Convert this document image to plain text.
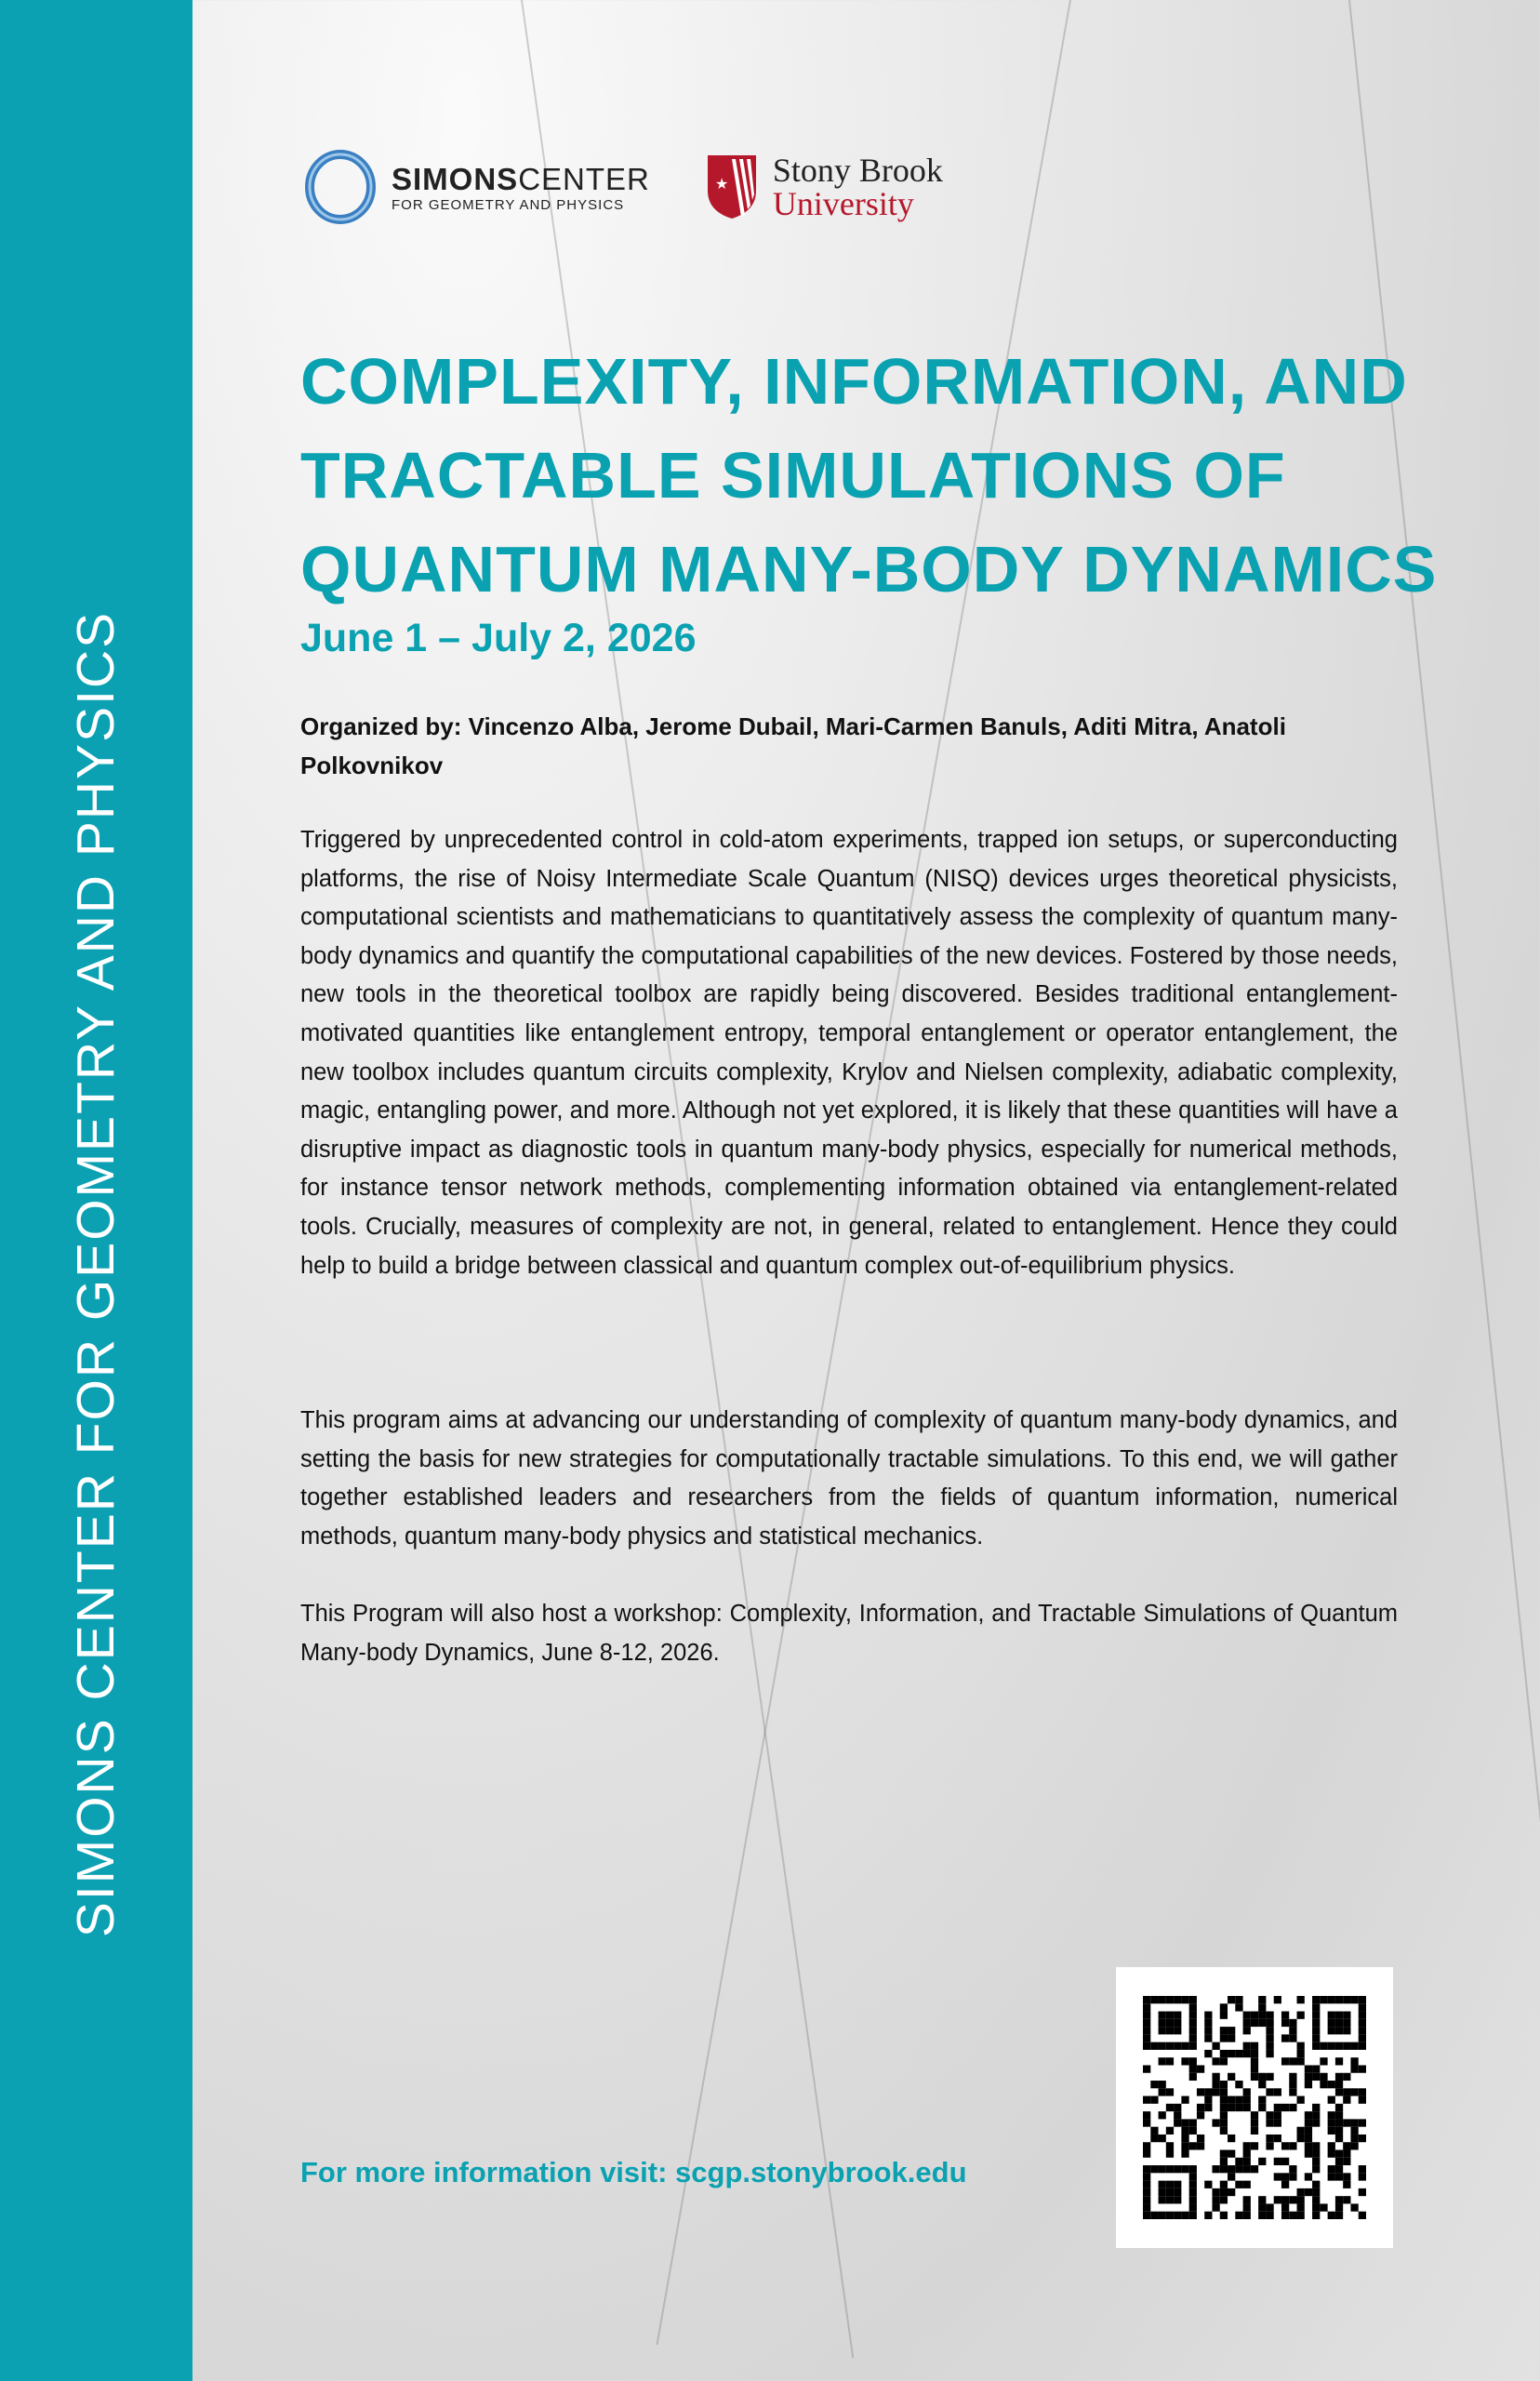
SIMONS CENTER FOR GEOMETRY AND PHYSICS
SIMONSCENTER
FOR GEOMETRY AND PHYSICS
★ Stony Brook
University
COMPLEXITY, INFORMATION, AND TRACTABLE SIMULATIONS OF QUANTUM MANY-BODY DYNAMICS
June 1 – July 2, 2026
Organized by: Vincenzo Alba, Jerome Dubail, Mari-Carmen Banuls, Aditi Mitra, Anatoli Polkovnikov

Triggered by unprecedented control in cold-atom experiments, trapped ion setups, or superconducting platforms, the rise of Noisy Intermediate Scale Quantum (NISQ) devices urges theoretical physicists, computational scientists and mathematicians to quantitatively assess the complexity of quantum many-body dynamics and quantify the computational capabilities of the new devices. Fostered by those needs, new tools in the theoretical toolbox are rapidly being discovered. Besides traditional entanglement-motivated quantities like entanglement entropy, temporal entanglement or operator entanglement, the new toolbox includes quantum circuits complexity, Krylov and Nielsen complexity, adiabatic complexity, magic, entangling power, and more. Although not yet explored, it is likely that these quantities will have a disruptive impact as diagnostic tools in quantum many-body physics, especially for numerical methods, for instance tensor network methods, complementing information obtained via entanglement-related tools. Crucially, measures of complexity are not, in general, related to entanglement. Hence they could help to build a bridge between classical and quantum complex out-of-equilibrium physics.

This program aims at advancing our understanding of complexity of quantum many-body dynamics, and setting the basis for new strategies for computationally tractable simulations. To this end, we will gather together established leaders and researchers from the fields of quantum information, numerical methods, quantum many-body physics and statistical mechanics.

This Program will also host a workshop: Complexity, Information, and Tractable Simulations of Quantum Many-body Dynamics, June 8-12, 2026.

For more information visit: scgp.stonybrook.edu
